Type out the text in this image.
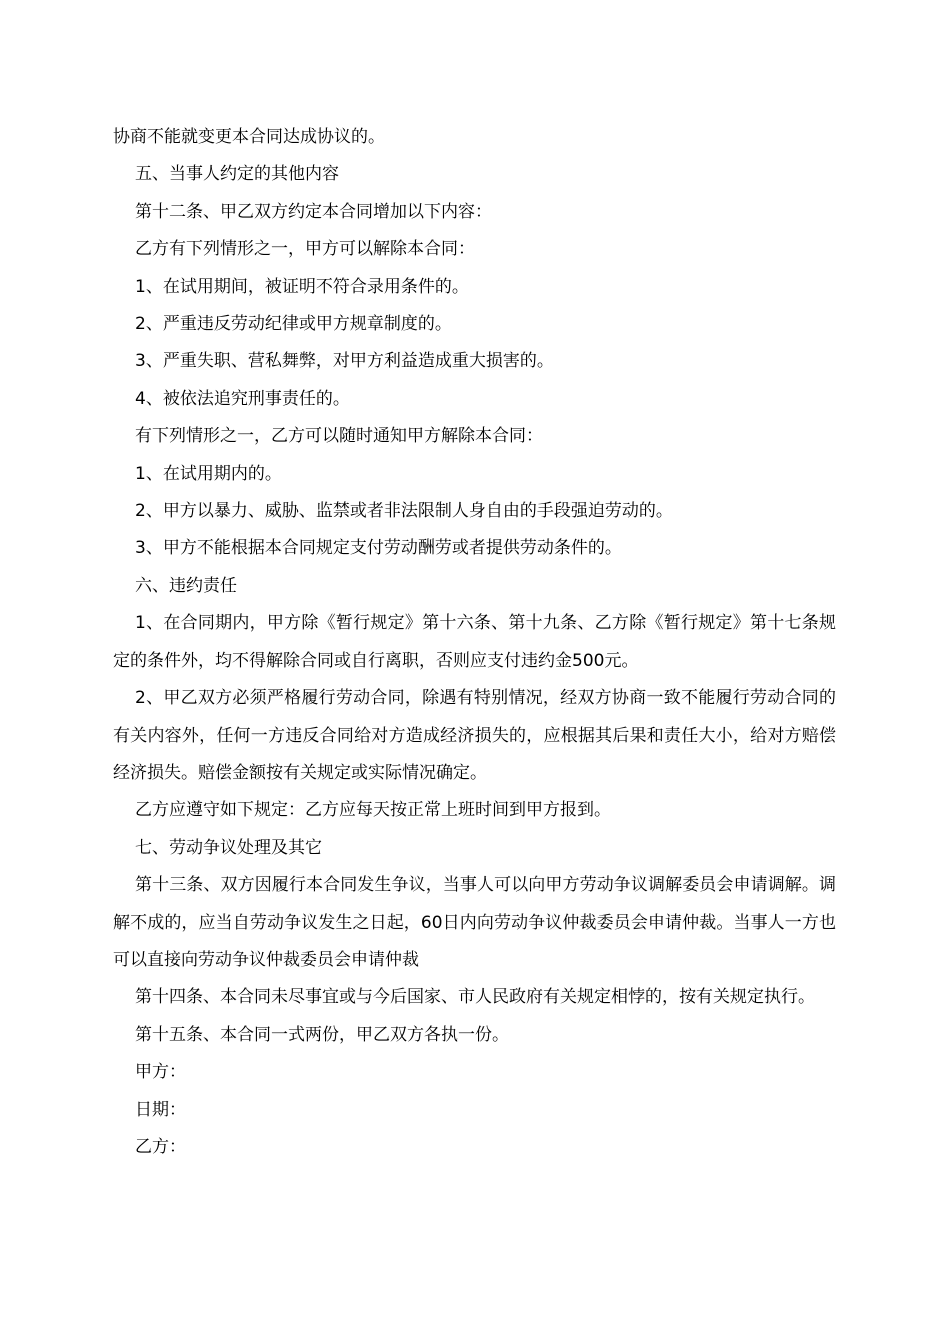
协商不能就变更本合同达成协议的。

五、当事人约定的其他内容

第十二条、甲乙双方约定本合同增加以下内容：

乙方有下列情形之一，甲方可以解除本合同：

1、在试用期间，被证明不符合录用条件的。

2、严重违反劳动纪律或甲方规章制度的。

3、严重失职、营私舞弊，对甲方利益造成重大损害的。

4、被依法追究刑事责任的。

有下列情形之一，乙方可以随时通知甲方解除本合同：

1、在试用期内的。

2、甲方以暴力、威胁、监禁或者非法限制人身自由的手段强迫劳动的。

3、甲方不能根据本合同规定支付劳动酬劳或者提供劳动条件的。

六、违约责任

1、在合同期内，甲方除《暂行规定》第十六条、第十九条、乙方除《暂行规定》第十七条规定的条件外，均不得解除合同或自行离职，否则应支付违约金500元。

2、甲乙双方必须严格履行劳动合同，除遇有特别情况，经双方协商一致不能履行劳动合同的有关内容外，任何一方违反合同给对方造成经济损失的，应根据其后果和责任大小，给对方赔偿经济损失。赔偿金额按有关规定或实际情况确定。

乙方应遵守如下规定：乙方应每天按正常上班时间到甲方报到。

七、劳动争议处理及其它

第十三条、双方因履行本合同发生争议，当事人可以向甲方劳动争议调解委员会申请调解。调解不成的，应当自劳动争议发生之日起，60日内向劳动争议仲裁委员会申请仲裁。当事人一方也可以直接向劳动争议仲裁委员会申请仲裁

第十四条、本合同未尽事宜或与今后国家、市人民政府有关规定相悖的，按有关规定执行。

第十五条、本合同一式两份，甲乙双方各执一份。

甲方：

日期：

乙方：
